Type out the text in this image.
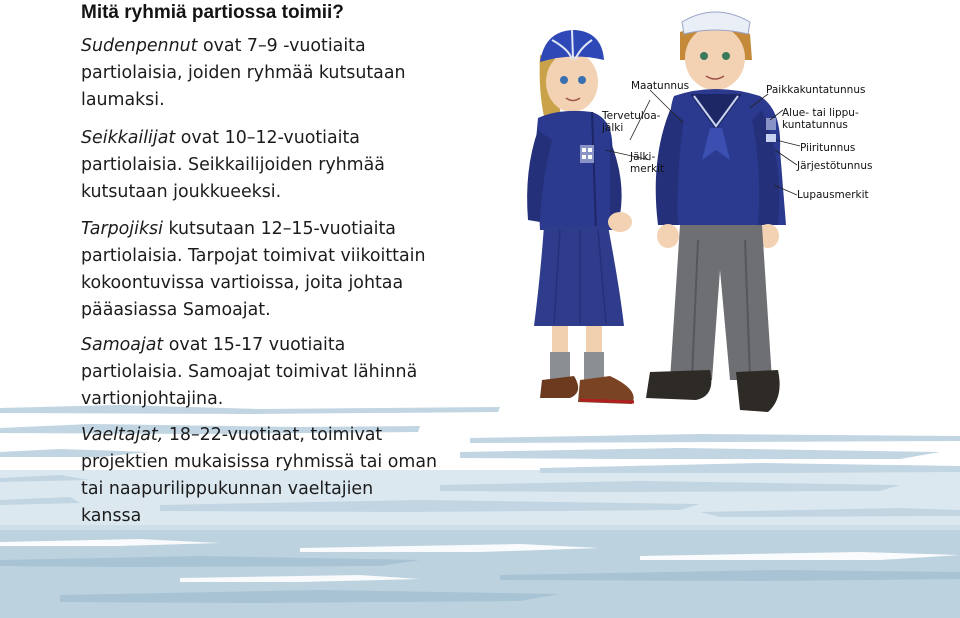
Mitä ryhmiä partiossa toimii?
Sudenpennut ovat 7–9 -vuotiaita
partiolaisia, joiden ryhmää kutsutaan
laumaksi.
Seikkailijat ovat 10–12-vuotiaita
partiolaisia. Seikkailijoiden ryhmää
kutsutaan joukkueeksi.
Tarpojiksi kutsutaan 12–15-vuotiaita
partiolaisia. Tarpojat toimivat viikoittain
kokoontuvissa vartioissa, joita johtaa
pääasiassa Samoajat.
Samoajat ovat 15-17 vuotiaita
partiolaisia. Samoajat toimivat lähinnä
vartionjohtajina.
Vaeltajat, 18–22-vuotiaat, toimivat
projektien mukaisissa ryhmissä tai oman
tai naapurilippukunnan vaeltajien
kanssa
Maatunnus
Tervetuloa-
jälki
Jälki-
merkit
Paikkakuntatunnus
Alue- tai lippu-
kuntatunnus
Piiritunnus
Järjestötunnus
Lupausmerkit
